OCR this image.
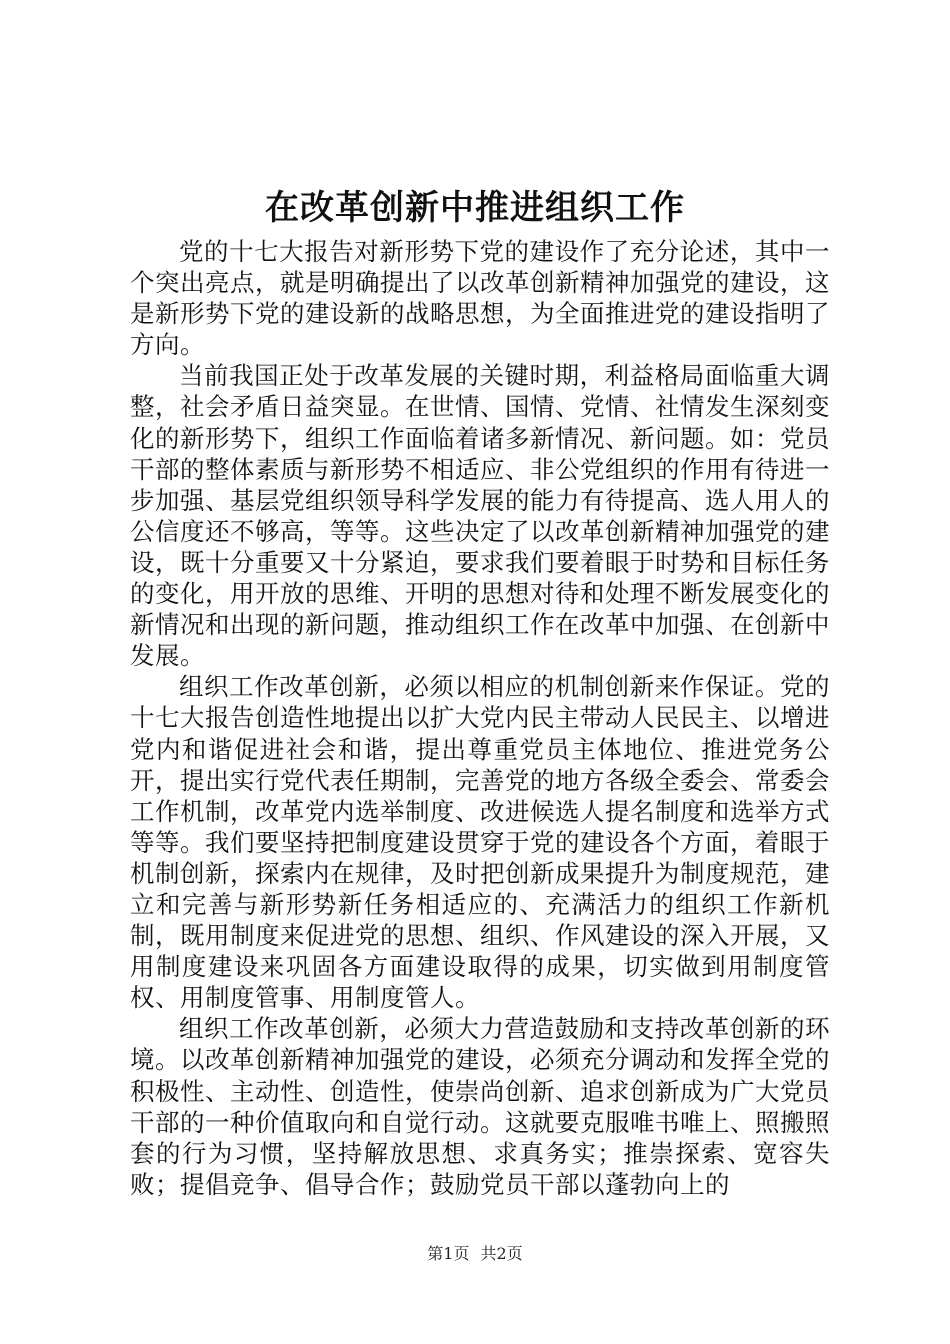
在改革创新中推进组织工作

党的十七大报告对新形势下党的建设作了充分论述，其中一个突出亮点，就是明确提出了以改革创新精神加强党的建设，这是新形势下党的建设新的战略思想，为全面推进党的建设指明了方向。

当前我国正处于改革发展的关键时期，利益格局面临重大调整，社会矛盾日益突显。在世情、国情、党情、社情发生深刻变化的新形势下，组织工作面临着诸多新情况、新问题。如：党员干部的整体素质与新形势不相适应、非公党组织的作用有待进一步加强、基层党组织领导科学发展的能力有待提高、选人用人的公信度还不够高，等等。这些决定了以改革创新精神加强党的建设，既十分重要又十分紧迫，要求我们要着眼于时势和目标任务的变化，用开放的思维、开明的思想对待和处理不断发展变化的新情况和出现的新问题，推动组织工作在改革中加强、在创新中发展。

组织工作改革创新，必须以相应的机制创新来作保证。党的十七大报告创造性地提出以扩大党内民主带动人民民主、以增进党内和谐促进社会和谐，提出尊重党员主体地位、推进党务公开，提出实行党代表任期制，完善党的地方各级全委会、常委会工作机制，改革党内选举制度、改进候选人提名制度和选举方式等等。我们要坚持把制度建设贯穿于党的建设各个方面，着眼于机制创新，探索内在规律，及时把创新成果提升为制度规范，建立和完善与新形势新任务相适应的、充满活力的组织工作新机制，既用制度来促进党的思想、组织、作风建设的深入开展，又用制度建设来巩固各方面建设取得的成果，切实做到用制度管权、用制度管事、用制度管人。

组织工作改革创新，必须大力营造鼓励和支持改革创新的环境。以改革创新精神加强党的建设，必须充分调动和发挥全党的积极性、主动性、创造性，使崇尚创新、追求创新成为广大党员干部的一种价值取向和自觉行动。这就要克服唯书唯上、照搬照套的行为习惯，坚持解放思想、求真务实；推崇探索、宽容失败；提倡竞争、倡导合作；鼓励党员干部以蓬勃向上的

第1页 共2页
